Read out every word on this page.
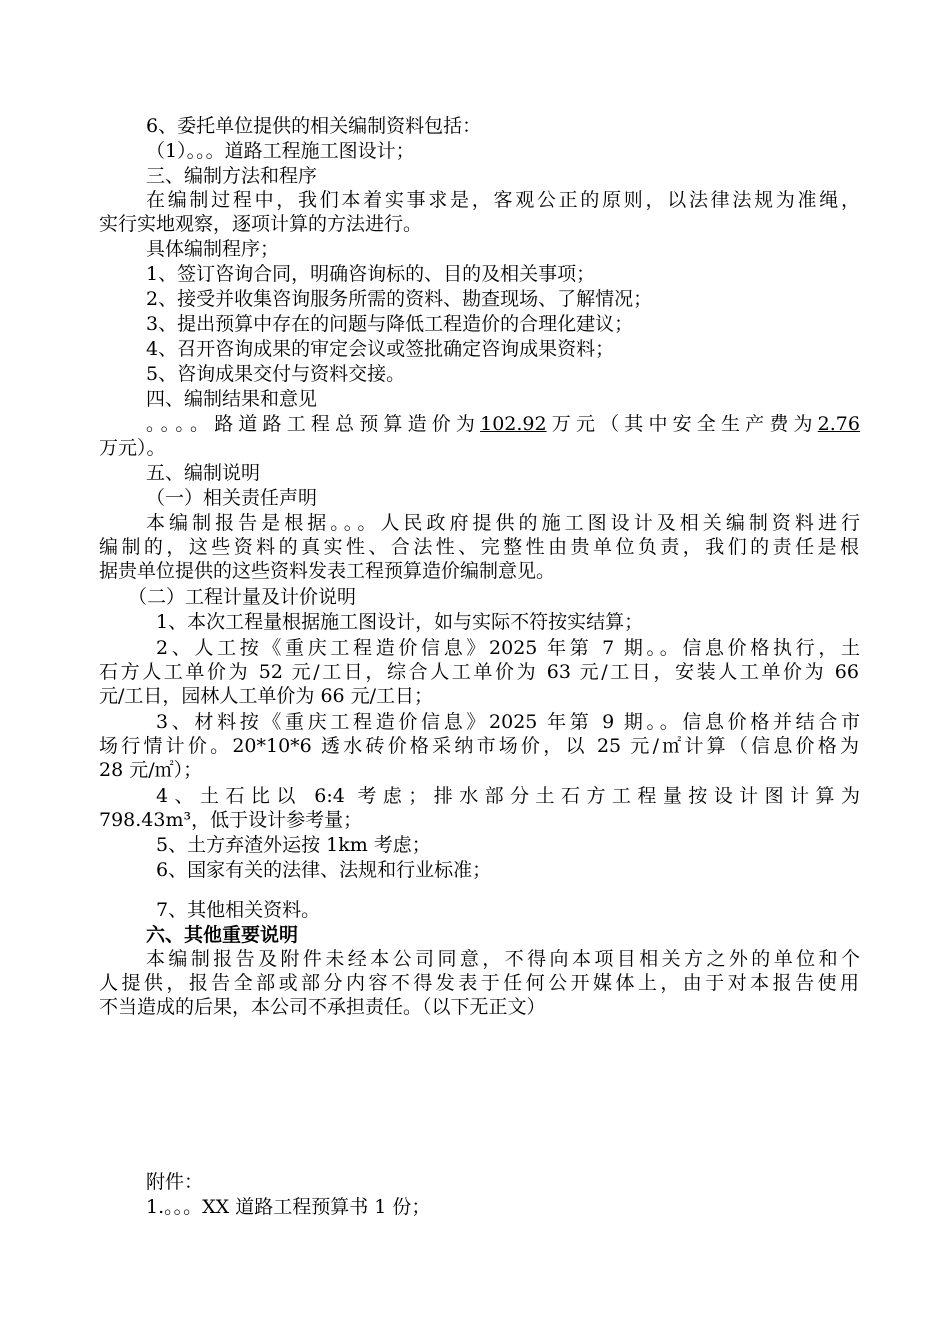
6、委托单位提供的相关编制资料包括：
（1）。。。道路工程施工图设计；
三、编制方法和程序
在编制过程中，我们本着实事求是，客观公正的原则，以法律法规为准绳，
实行实地观察，逐项计算的方法进行。
具体编制程序；
1、签订咨询合同，明确咨询标的、目的及相关事项；
2、接受并收集咨询服务所需的资料、勘查现场、了解情况；
3、提出预算中存在的问题与降低工程造价的合理化建议；
4、召开咨询成果的审定会议或签批确定咨询成果资料；
5、咨询成果交付与资料交接。
四、编制结果和意见
。。。。路道路工程总预算造价为102.92万元（其中安全生产费为2.76
万元）。
五、编制说明
（一）相关责任声明
本编制报告是根据。。。人民政府提供的施工图设计及相关编制资料进行
编制的，这些资料的真实性、合法性、完整性由贵单位负责，我们的责任是根
据贵单位提供的这些资料发表工程预算造价编制意见。
（二）工程计量及计价说明
1、本次工程量根据施工图设计，如与实际不符按实结算；
2、人工按《重庆工程造价信息》2025 年第 7 期。。信息价格执行，土
石方人工单价为 52 元/工日，综合人工单价为 63 元/工日，安装人工单价为 66
元/工日，园林人工单价为 66 元/工日；
3、材料按《重庆工程造价信息》2025 年第 9 期。。信息价格并结合市
场行情计价。20*10*6 透水砖价格采纳市场价，以 25 元/㎡计算（信息价格为
28 元/㎡）；
4、土石比以 6:4 考虑；排水部分土石方工程量按设计图计算为
798.43m³，低于设计参考量；
5、土方弃渣外运按 1km 考虑；
6、国家有关的法律、法规和行业标准；
7、其他相关资料。
六、其他重要说明
本编制报告及附件未经本公司同意，不得向本项目相关方之外的单位和个
人提供，报告全部或部分内容不得发表于任何公开媒体上，由于对本报告使用
不当造成的后果，本公司不承担责任。（以下无正文）
附件：
1.。。。XX 道路工程预算书 1 份；
